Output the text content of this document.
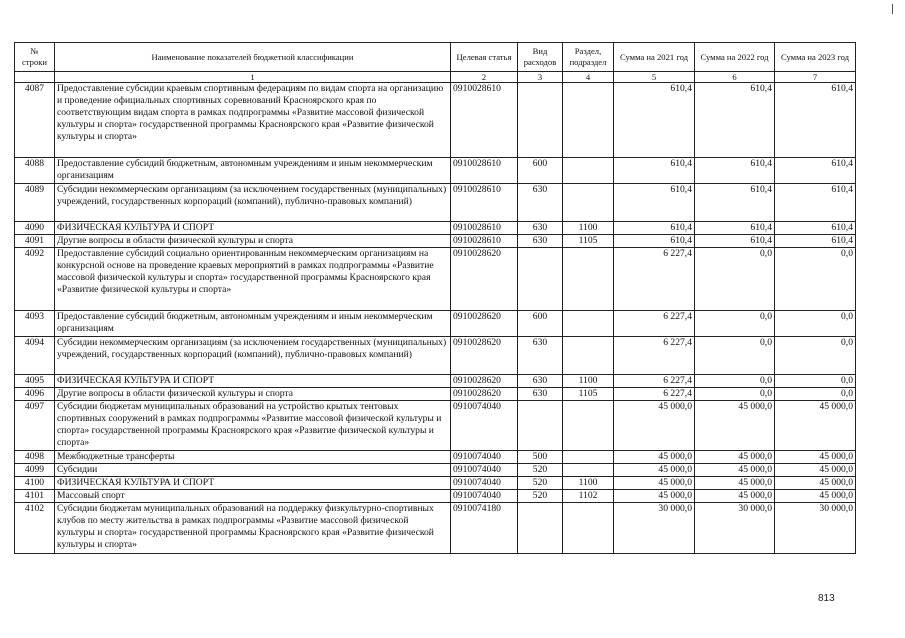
№ строки	Наименование показателей бюджетной классификации	Целевая статья	Вид расходов	Раздел, подраздел	Сумма на 2021 год	Сумма на 2022 год	Сумма на 2023 год
	1	2	3	4	5	6	7
4087	Предоставление субсидии краевым спортивным федерациям по видам спорта на организацию и проведение официальных спортивных соревнований Красноярского края по соответствующим видам спорта в рамках подпрограммы «Развитие массовой физической культуры и спорта» государственной программы Красноярского края «Развитие физической культуры и спорта»	0910028610			610,4	610,4	610,4
4088	Предоставление субсидий бюджетным, автономным учреждениям и иным некоммерческим организациям	0910028610	600		610,4	610,4	610,4
4089	Субсидии некоммерческим организациям (за исключением государственных (муниципальных) учреждений, государственных корпораций (компаний), публично-правовых компаний)	0910028610	630		610,4	610,4	610,4
4090	ФИЗИЧЕСКАЯ КУЛЬТУРА И СПОРТ	0910028610	630	1100	610,4	610,4	610,4
4091	Другие вопросы в области физической культуры и спорта	0910028610	630	1105	610,4	610,4	610,4
4092	Предоставление субсидий социально ориентированным некоммерческим организациям на конкурсной основе на проведение краевых мероприятий в рамках подпрограммы «Развитие массовой физической культуры и спорта» государственной программы Красноярского края «Развитие физической культуры и спорта»	0910028620			6 227,4	0,0	0,0
4093	Предоставление субсидий бюджетным, автономным учреждениям и иным некоммерческим организациям	0910028620	600		6 227,4	0,0	0,0
4094	Субсидии некоммерческим организациям (за исключением государственных (муниципальных) учреждений, государственных корпораций (компаний), публично-правовых компаний)	0910028620	630		6 227,4	0,0	0,0
4095	ФИЗИЧЕСКАЯ КУЛЬТУРА И СПОРТ	0910028620	630	1100	6 227,4	0,0	0,0
4096	Другие вопросы в области физической культуры и спорта	0910028620	630	1105	6 227,4	0,0	0,0
4097	Субсидии бюджетам муниципальных образований на устройство крытых тентовых спортивных сооружений в рамках подпрограммы «Развитие массовой физической культуры и спорта» государственной программы Красноярского края «Развитие физической культуры и спорта»	0910074040			45 000,0	45 000,0	45 000,0
4098	Межбюджетные трансферты	0910074040	500		45 000,0	45 000,0	45 000,0
4099	Субсидии	0910074040	520		45 000,0	45 000,0	45 000,0
4100	ФИЗИЧЕСКАЯ КУЛЬТУРА И СПОРТ	0910074040	520	1100	45 000,0	45 000,0	45 000,0
4101	Массовый спорт	0910074040	520	1102	45 000,0	45 000,0	45 000,0
4102	Субсидии бюджетам муниципальных образований на поддержку физкультурно-спортивных клубов по месту жительства в рамках подпрограммы «Развитие массовой физической культуры и спорта» государственной программы Красноярского края «Развитие физической культуры и спорта»	0910074180			30 000,0	30 000,0	30 000,0
813
